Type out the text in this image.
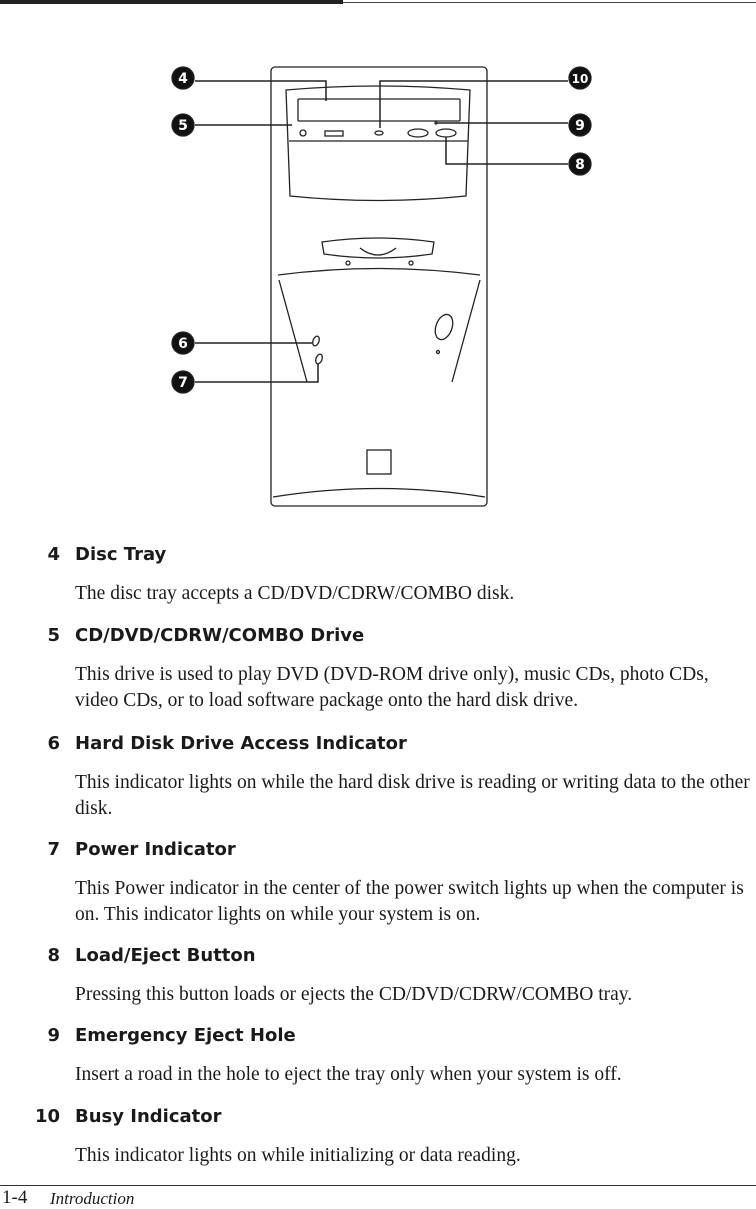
4
5
6
7
8
9
10
4 Disc Tray
The disc tray accepts a CD/DVD/CDRW/COMBO disk.
5 CD/DVD/CDRW/COMBO Drive
This drive is used to play DVD (DVD-ROM drive only), music CDs, photo CDs, video CDs, or to load software package onto the hard disk drive.
6 Hard Disk Drive Access Indicator
This indicator lights on while the hard disk drive is reading or writing data to the other disk.
7 Power Indicator
This Power indicator in the center of the power switch lights up when the computer is on. This indicator lights on while your system is on.
8 Load/Eject Button
Pressing this button loads or ejects the CD/DVD/CDRW/COMBO tray.
9 Emergency Eject Hole
Insert a road in the hole to eject the tray only when your system is off.
10 Busy Indicator
This indicator lights on while initializing or data reading.
1-4 Introduction
